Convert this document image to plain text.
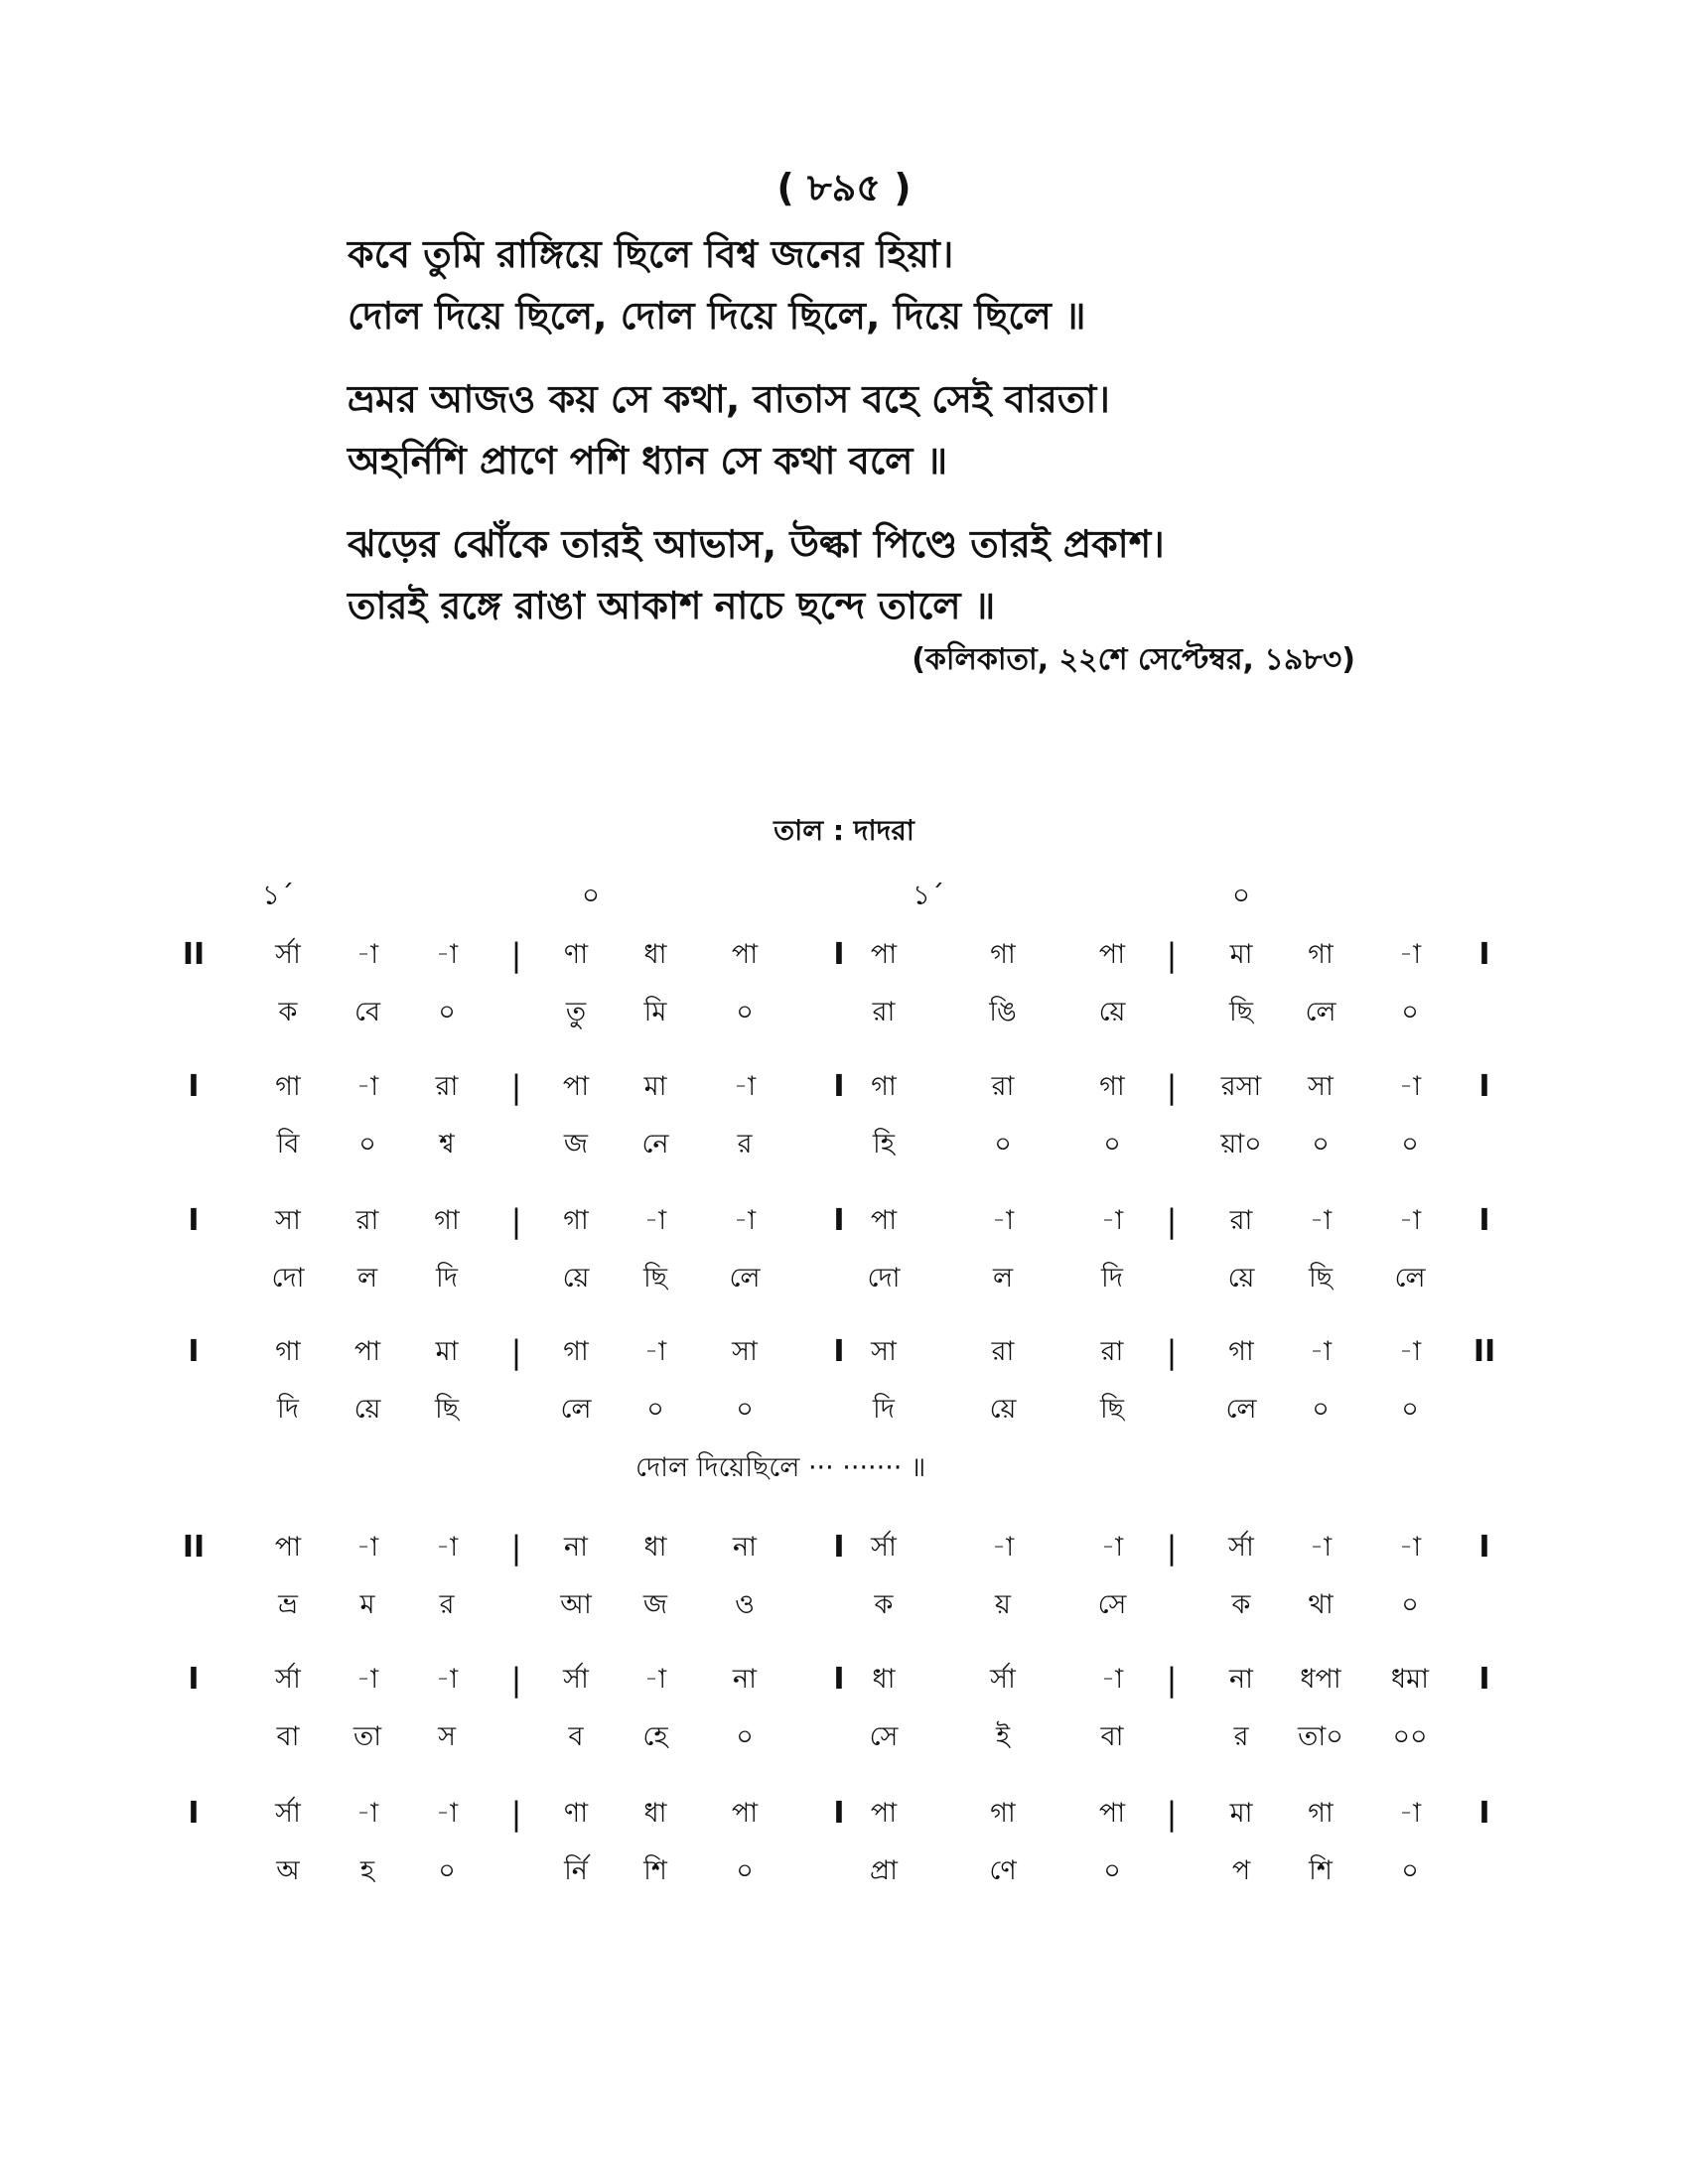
( ৮৯৫ )
কবে তুমি রাঙ্গিয়ে ছিলে বিশ্ব জনের হিয়া।
দোল দিয়ে ছিলে, দোল দিয়ে ছিলে, দিয়ে ছিলে ॥
ভ্রমর আজও কয় সে কথা, বাতাস বহে সেই বারতা।
অহর্নিশি প্রাণে পশি ধ্যান সে কথা বলে ॥
ঝড়ের ঝোঁকে তারই আভাস, উল্কা পিণ্ডে তারই প্রকাশ।
তারই রঙ্গে রাঙা আকাশ নাচে ছন্দে তালে ॥
(কলিকাতা, ২২শে সেপ্টেম্বর, ১৯৮৩)
তাল : দাদরা
১´	০	১´	০
II	|	I	|	I
র্সা	-া	-া	ণা	ধা	পা	পা	গা	পা	মা	গা	-া
ক	বে	০	তু	মি	০	রা	ঙি	য়ে	ছি	লে	০
I	|	I	|	I
গা	-া	রা	পা	মা	-া	গা	রা	গা	রসা	সা	-া
বি	০	শ্ব	জ	নে	র	হি	০	০	য়া০	০	০
I	|	I	|	I
সা	রা	গা	গা	-া	-া	পা	-া	-া	রা	-া	-া
দো	ল	দি	য়ে	ছি	লে	দো	ল	দি	য়ে	ছি	লে
I	|	I	|	II
গা	পা	মা	গা	-া	সা	সা	রা	রা	গা	-া	-া
দি	য়ে	ছি	লে	০	০	দি	য়ে	ছি	লে	০	০
II	|	I	|	I
পা	-া	-া	না	ধা	না	র্সা	-া	-া	র্সা	-া	-া
ভ্র	ম	র	আ	জ	ও	ক	য়	সে	ক	থা	০
I	|	I	|	I
র্সা	-া	-া	র্সা	-া	না	ধা	র্সা	-া	না	ধপা	ধমা
বা	তা	স	ব	হে	০	সে	ই	বা	র	তা০	০০
I	|	I	|	I
র্সা	-া	-া	ণা	ধা	পা	পা	গা	পা	মা	গা	-া
অ	হ	০	র্নি	শি	০	প্রা	ণে	০	প	শি	০
দোল দিয়েছিলে ··· ······· ॥
